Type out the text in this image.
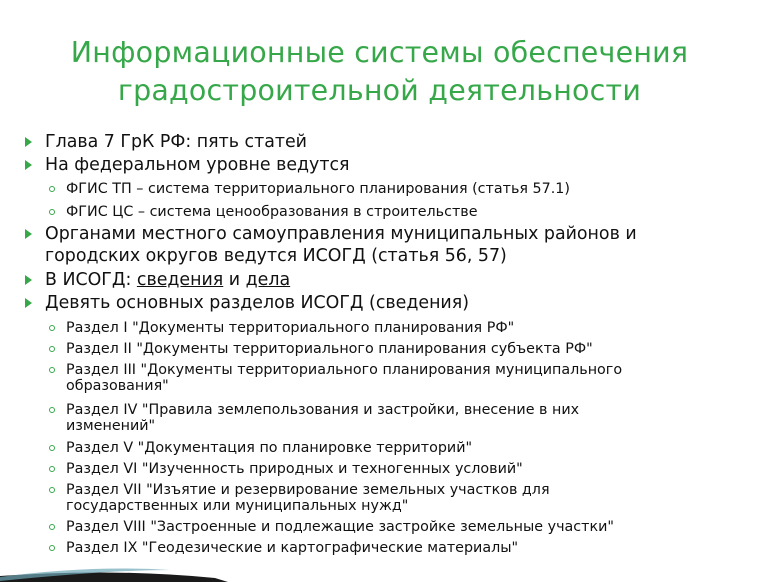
Информационные системы обеспечения
градостроительной деятельности
Глава 7 ГрК РФ: пять статей
На федеральном уровне ведутся
ФГИС ТП – система территориального планирования (статья 57.1)
ФГИС ЦС – система ценообразования в строительстве
Органами местного самоуправления муниципальных районов и
городских округов ведутся ИСОГД (статья 56, 57)
В ИСОГД: сведения и дела
Девять основных разделов ИСОГД (сведения)
Раздел I "Документы территориального планирования РФ"
Раздел II "Документы территориального планирования субъекта РФ"
Раздел III "Документы территориального планирования муниципального
образования"
Раздел IV "Правила землепользования и застройки, внесение в них
изменений"
Раздел V "Документация по планировке территорий"
Раздел VI "Изученность природных и техногенных условий"
Раздел VII "Изъятие и резервирование земельных участков для
государственных или муниципальных нужд"
Раздел VIII "Застроенные и подлежащие застройке земельные участки"
Раздел IX "Геодезические и картографические материалы"
